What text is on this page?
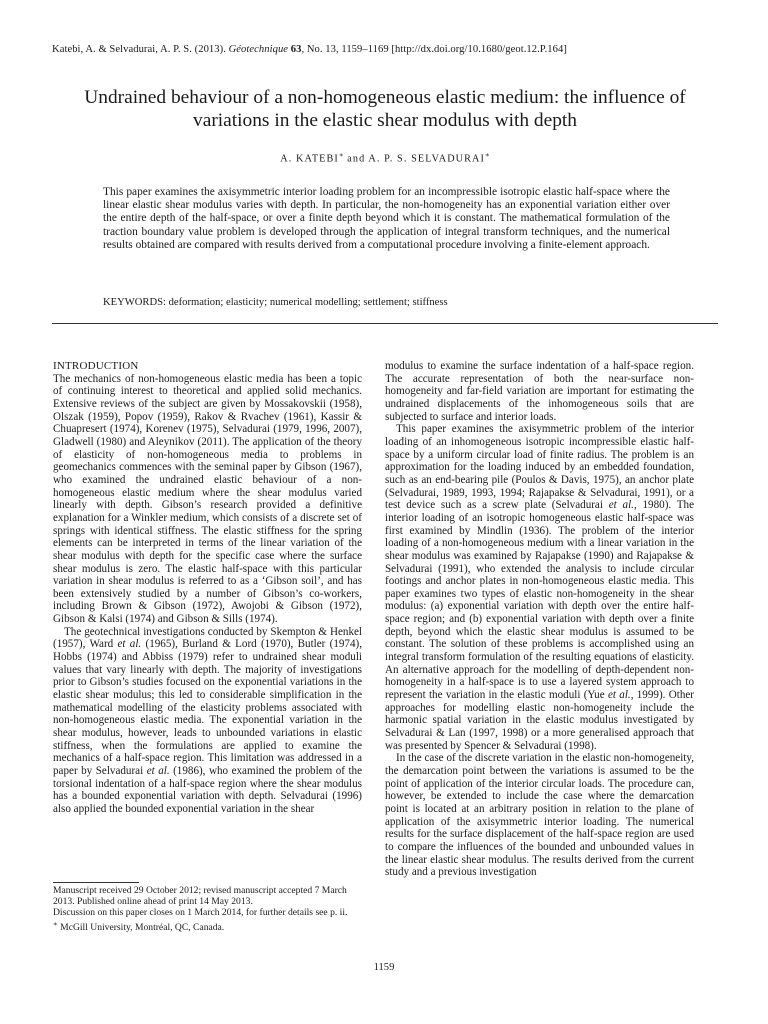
Katebi, A. & Selvadurai, A. P. S. (2013). Géotechnique 63, No. 13, 1159–1169 [http://dx.doi.org/10.1680/geot.12.P.164]
Undrained behaviour of a non-homogeneous elastic medium: the influence of variations in the elastic shear modulus with depth
A. KATEBI∗ and A. P. S. SELVADURAI∗

This paper examines the axisymmetric interior loading problem for an incompressible isotropic elastic half-space where the linear elastic shear modulus varies with depth. In particular, the non-homogeneity has an exponential variation either over the entire depth of the half-space, or over a finite depth beyond which it is constant. The mathematical formulation of the traction boundary value problem is developed through the application of integral transform techniques, and the numerical results obtained are compared with results derived from a computational procedure involving a finite-element approach.

KEYWORDS: deformation; elasticity; numerical modelling; settlement; stiffness

INTRODUCTION

The mechanics of non-homogeneous elastic media has been a topic of continuing interest to theoretical and applied solid mechanics. Extensive reviews of the subject are given by Mossakovskii (1958), Olszak (1959), Popov (1959), Rakov & Rvachev (1961), Kassir & Chuapresert (1974), Korenev (1975), Selvadurai (1979, 1996, 2007), Gladwell (1980) and Aleynikov (2011). The application of the theory of elasticity of non-homogeneous media to problems in geomechanics commences with the seminal paper by Gibson (1967), who examined the undrained elastic behaviour of a non-homogeneous elastic medium where the shear modulus varied linearly with depth. Gibson’s research provided a definitive explanation for a Winkler medium, which consists of a discrete set of springs with identical stiffness. The elastic stiffness for the spring elements can be interpreted in terms of the linear variation of the shear modulus with depth for the specific case where the surface shear modulus is zero. The elastic half-space with this particular variation in shear modulus is referred to as a ‘Gibson soil’, and has been extensively studied by a number of Gibson’s co-workers, including Brown & Gibson (1972), Awojobi & Gibson (1972), Gibson & Kalsi (1974) and Gibson & Sills (1974).

The geotechnical investigations conducted by Skempton & Henkel (1957), Ward et al. (1965), Burland & Lord (1970), Butler (1974), Hobbs (1974) and Abbiss (1979) refer to undrained shear moduli values that vary linearly with depth. The majority of investigations prior to Gibson’s studies focused on the exponential variations in the elastic shear modulus; this led to considerable simplification in the mathematical modelling of the elasticity problems associated with non-homogeneous elastic media. The exponential variation in the shear modulus, however, leads to unbounded variations in elastic stiffness, when the formulations are applied to examine the mechanics of a half-space region. This limitation was addressed in a paper by Selvadurai et al. (1986), who examined the problem of the torsional indentation of a half-space region where the shear modulus has a bounded exponential variation with depth. Selvadurai (1996) also applied the bounded exponential variation in the shear

Manuscript received 29 October 2012; revised manuscript accepted 7 March 2013. Published online ahead of print 14 May 2013.

Discussion on this paper closes on 1 March 2014, for further details see p. ii.

∗ McGill University, Montréal, QC, Canada.

modulus to examine the surface indentation of a half-space region. The accurate representation of both the near-surface non-homogeneity and far-field variation are important for estimating the undrained displacements of the inhomogeneous soils that are subjected to surface and interior loads.

This paper examines the axisymmetric problem of the interior loading of an inhomogeneous isotropic incompressible elastic half-space by a uniform circular load of finite radius. The problem is an approximation for the loading induced by an embedded foundation, such as an end-bearing pile (Poulos & Davis, 1975), an anchor plate (Selvadurai, 1989, 1993, 1994; Rajapakse & Selvadurai, 1991), or a test device such as a screw plate (Selvadurai et al., 1980). The interior loading of an isotropic homogeneous elastic half-space was first examined by Mindlin (1936). The problem of the interior loading of a non-homogeneous medium with a linear variation in the shear modulus was examined by Rajapakse (1990) and Rajapakse & Selvadurai (1991), who extended the analysis to include circular footings and anchor plates in non-homogeneous elastic media. This paper examines two types of elastic non-homogeneity in the shear modulus: (a) exponential variation with depth over the entire half-space region; and (b) exponential variation with depth over a finite depth, beyond which the elastic shear modulus is assumed to be constant. The solution of these problems is accomplished using an integral transform formulation of the resulting equations of elasticity. An alternative approach for the modelling of depth-dependent non-homogeneity in a half-space is to use a layered system approach to represent the variation in the elastic moduli (Yue et al., 1999). Other approaches for modelling elastic non-homogeneity include the harmonic spatial variation in the elastic modulus investigated by Selvadurai & Lan (1997, 1998) or a more generalised approach that was presented by Spencer & Selvadurai (1998).

In the case of the discrete variation in the elastic non-homogeneity, the demarcation point between the variations is assumed to be the point of application of the interior circular loads. The procedure can, however, be extended to include the case where the demarcation point is located at an arbitrary position in relation to the plane of application of the axisymmetric interior loading. The numerical results for the surface displacement of the half-space region are used to compare the influences of the bounded and unbounded values in the linear elastic shear modulus. The results derived from the current study and a previous investigation

1159
